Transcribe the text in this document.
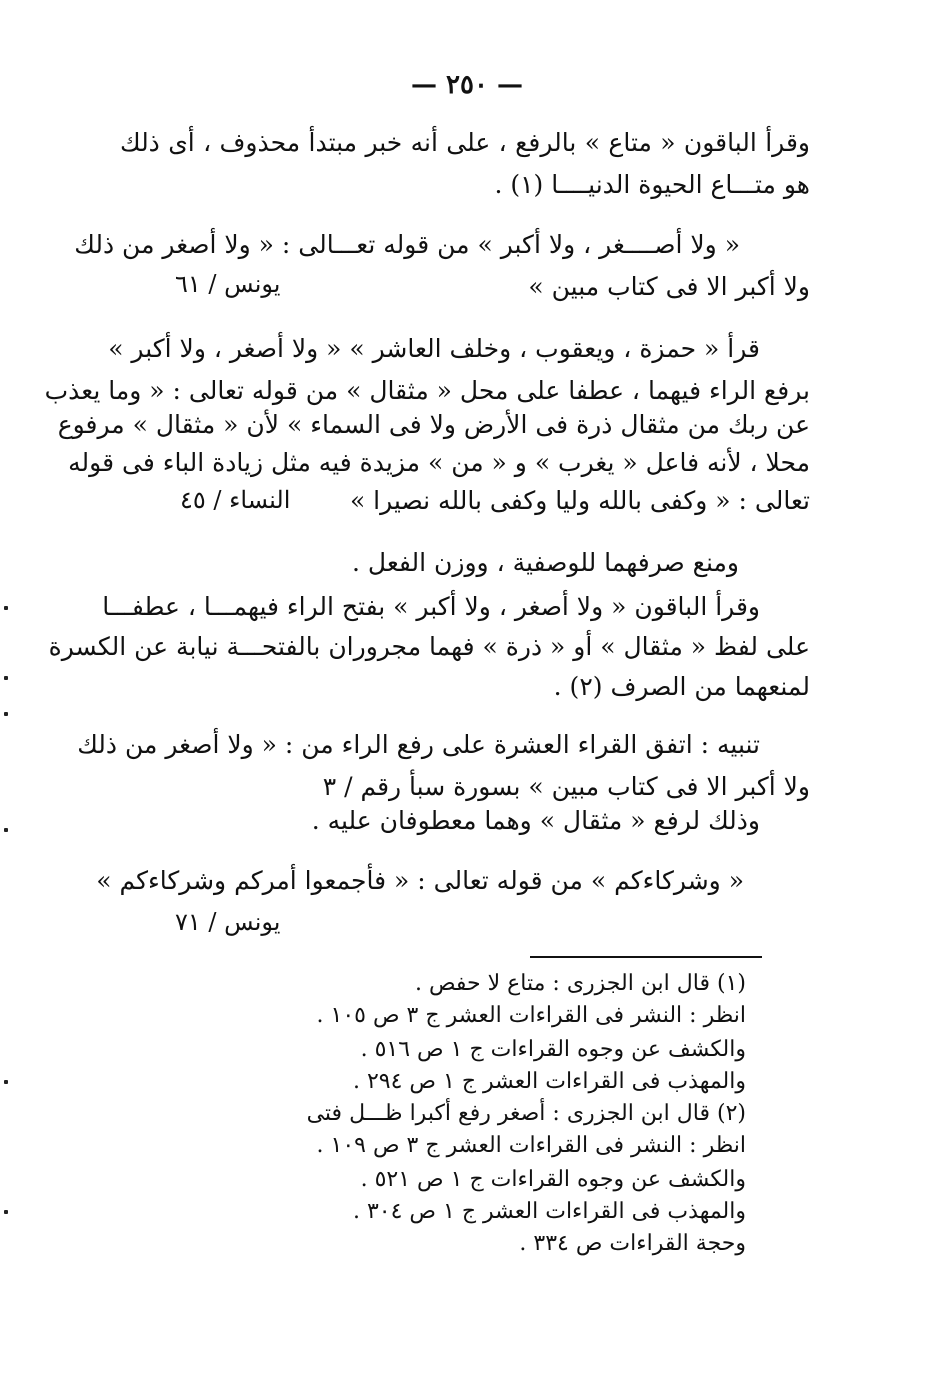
— ٢٥٠ —
وقرأ الباقون « متاع » بالرفع ، على أنه خبر مبتدأ محذوف ، أى ذلك
هو متـــاع الحيوة الدنيــــا (١) .
« ولا أصــــغر ، ولا أكبر » من قوله تعـــالى : « ولا أصغر من ذلك
ولا أكبر الا فى كتاب مبين »
يونس / ٦١
قرأ « حمزة ، ويعقوب ، وخلف العاشر » « ولا أصغر ، ولا أكبر »
برفع الراء فيهما ، عطفا على محل « مثقال » من قوله تعالى : « وما يعذب
عن ربك من مثقال ذرة فى الأرض ولا فى السماء » لأن « مثقال » مرفوع
محلا ، لأنه فاعل « يغرب » و « من » مزيدة فيه مثل زيادة الباء فى قوله
تعالى : « وكفى بالله وليا وكفى بالله نصيرا »
النساء / ٤٥
ومنع صرفهما للوصفية ، ووزن الفعل .
وقرأ الباقون « ولا أصغر ، ولا أكبر » بفتح الراء فيهمـــا ، عطفـــا
على لفظ « مثقال » أو « ذرة » فهما مجروران بالفتحـــة نيابة عن الكسرة
لمنعهما من الصرف (٢) .
تنبيه : اتفق القراء العشرة على رفع الراء من : « ولا أصغر من ذلك
ولا أكبر الا فى كتاب مبين » بسورة سبأ رقم / ٣
وذلك لرفع « مثقال » وهما معطوفان عليه .
« وشركاءكم » من قوله تعالى : « فأجمعوا أمركم وشركاءكم »
يونس / ٧١
(١) قال ابن الجزرى : متاع لا حفص .
انظر : النشر فى القراءات العشر ج ٣ ص ١٠٥ .
والكشف عن وجوه القراءات ج ١ ص ٥١٦ .
والمهذب فى القراءات العشر ج ١ ص ٢٩٤ .
(٢) قال ابن الجزرى : أصغر رفع أكبرا ظـــل فتى
انظر : النشر فى القراءات العشر ج ٣ ص ١٠٩ .
والكشف عن وجوه القراءات ج ١ ص ٥٢١ .
والمهذب فى القراءات العشر ج ١ ص ٣٠٤ .
وحجة القراءات ص ٣٣٤ .
